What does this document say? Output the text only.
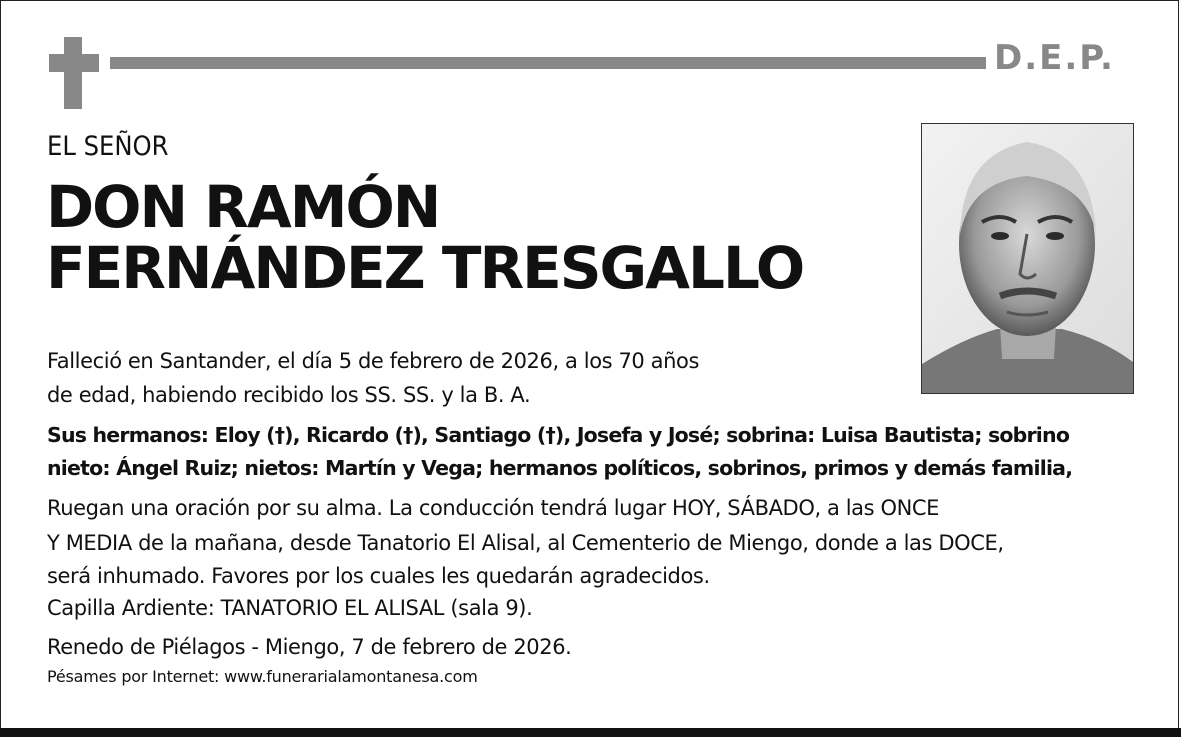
D.E.P.
EL SEÑOR
DON RAMÓN
FERNÁNDEZ TRESGALLO
Falleció en Santander, el día 5 de febrero de 2026, a los 70 años
de edad, habiendo recibido los SS. SS. y la B. A.
Sus hermanos: Eloy (†), Ricardo (†), Santiago (†), Josefa y José; sobrina: Luisa Bautista; sobrino
nieto: Ángel Ruiz; nietos: Martín y Vega; hermanos políticos, sobrinos, primos y demás familia,
Ruegan una oración por su alma. La conducción tendrá lugar HOY, SÁBADO, a las ONCE
Y MEDIA de la mañana, desde Tanatorio El Alisal, al Cementerio de Miengo, donde a las DOCE,
será inhumado. Favores por los cuales les quedarán agradecidos.
Capilla Ardiente: TANATORIO EL ALISAL (sala 9).
Renedo de Piélagos - Miengo, 7 de febrero de 2026.
Pésames por Internet: www.funerarialamontanesa.com
